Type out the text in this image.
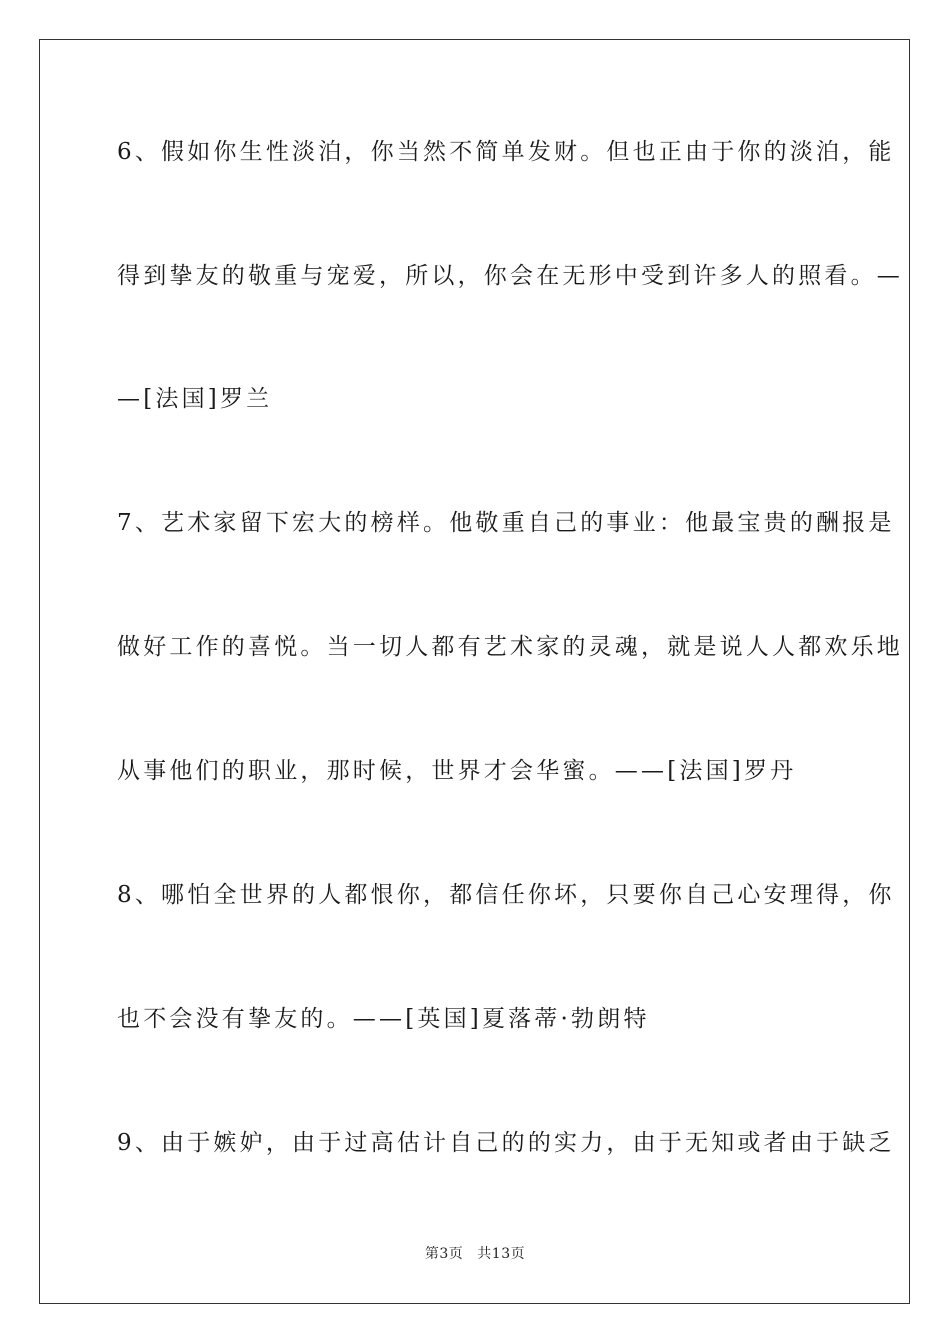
6、假如你生性淡泊，你当然不简单发财。但也正由于你的淡泊，能
得到挚友的敬重与宠爱，所以，你会在无形中受到许多人的照看。—
—[法国]罗兰
7、艺术家留下宏大的榜样。他敬重自己的事业：他最宝贵的酬报是
做好工作的喜悦。当一切人都有艺术家的灵魂，就是说人人都欢乐地
从事他们的职业，那时候，世界才会华蜜。——[法国]罗丹
8、哪怕全世界的人都恨你，都信任你坏，只要你自己心安理得，你
也不会没有挚友的。——[英国]夏落蒂·勃朗特
9、由于嫉妒，由于过高估计自己的的实力，由于无知或者由于缺乏
第3页 共13页
